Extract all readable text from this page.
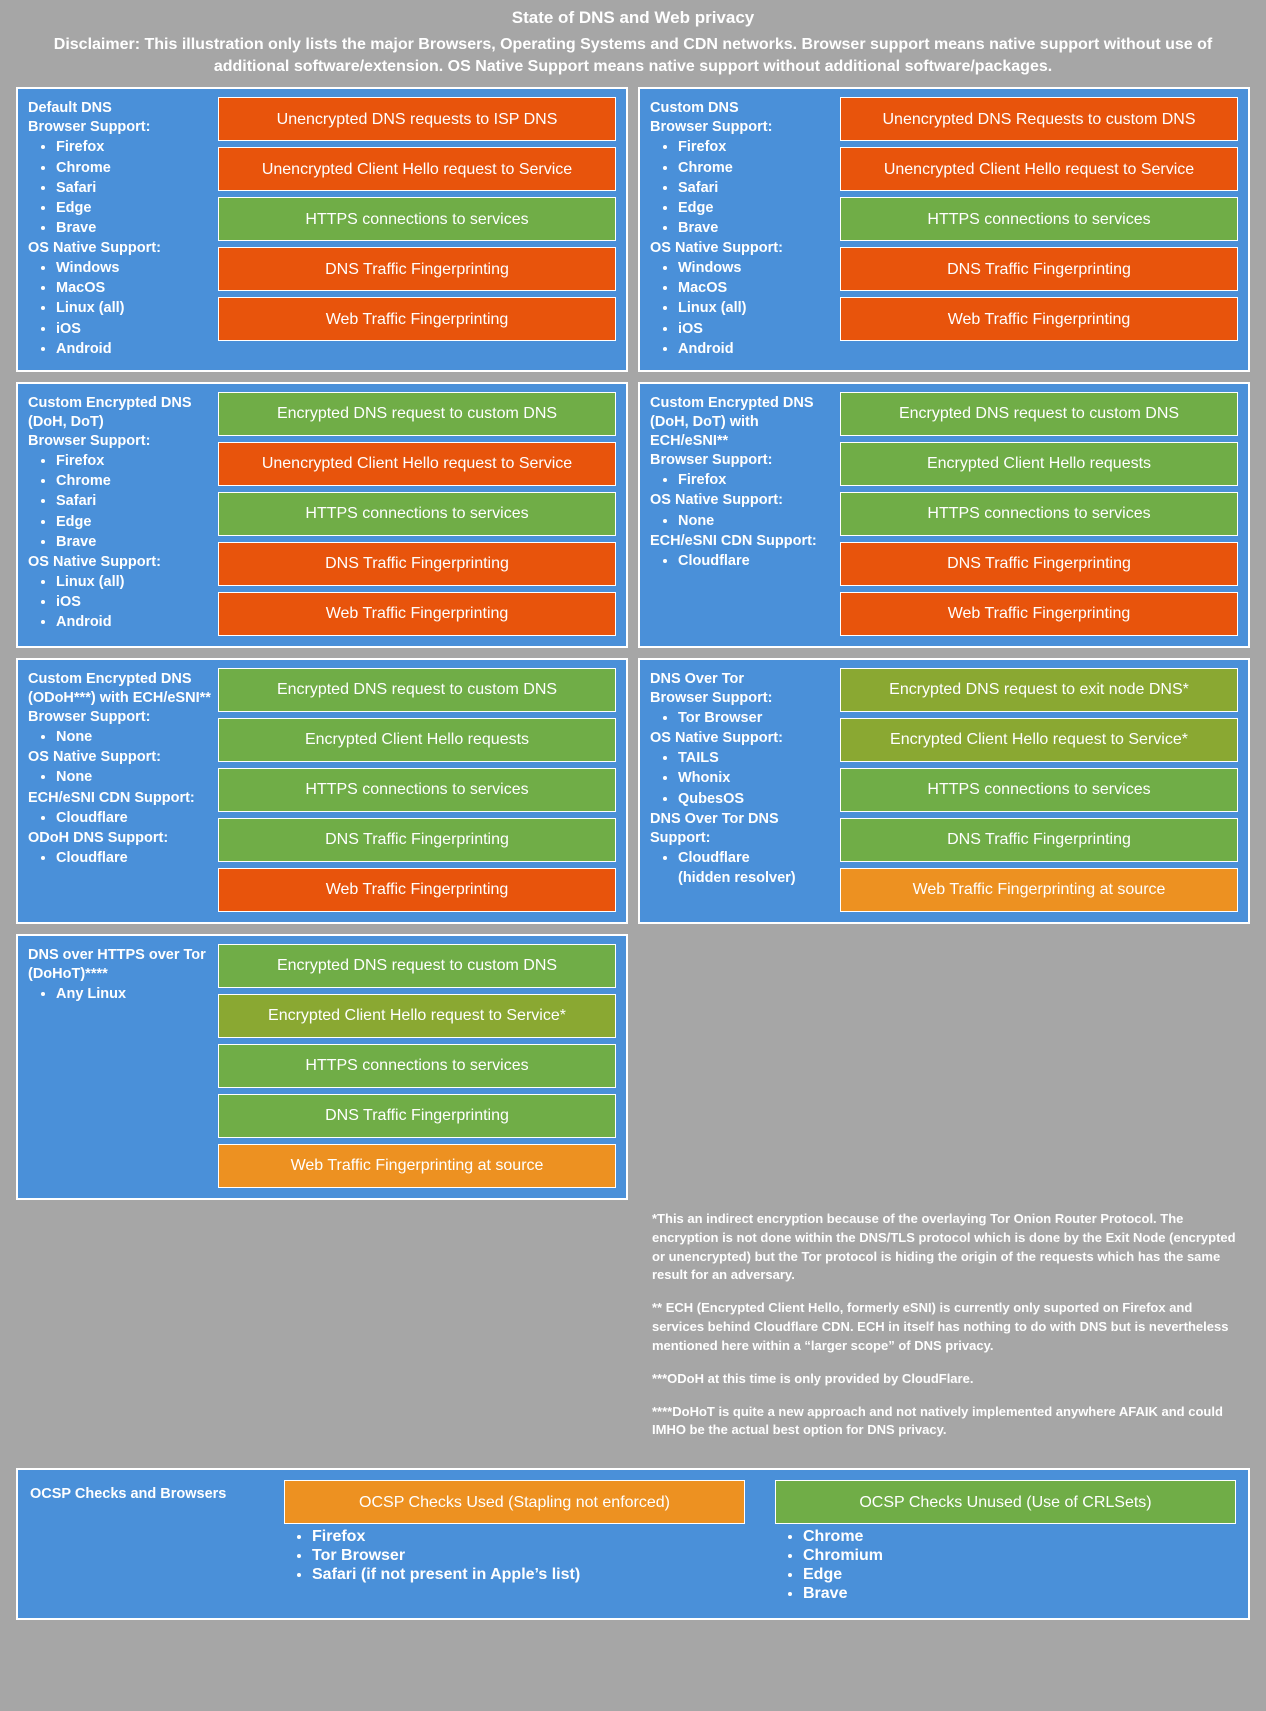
State of DNS and Web privacy
Disclaimer: This illustration only lists the major Browsers, Operating Systems and CDN networks. Browser support means native support without use of additional software/extension. OS Native Support means native support without additional software/packages.
Default DNS
Browser Support:
• Firefox
• Chrome
• Safari
• Edge
• Brave
OS Native Support:
• Windows
• MacOS
• Linux (all)
• iOS
• Android
Unencrypted DNS requests to ISP DNS
Unencrypted Client Hello request to Service
HTTPS connections to services
DNS Traffic Fingerprinting
Web Traffic Fingerprinting
Custom DNS
Browser Support:
• Firefox
• Chrome
• Safari
• Edge
• Brave
OS Native Support:
• Windows
• MacOS
• Linux (all)
• iOS
• Android
Unencrypted DNS Requests to custom DNS
Unencrypted Client Hello request to Service
HTTPS connections to services
DNS Traffic Fingerprinting
Web Traffic Fingerprinting
Custom Encrypted DNS (DoH, DoT)
Browser Support:
• Firefox
• Chrome
• Safari
• Edge
• Brave
OS Native Support:
• Linux (all)
• iOS
• Android
Encrypted DNS request to custom DNS
Unencrypted Client Hello request to Service
HTTPS connections to services
DNS Traffic Fingerprinting
Web Traffic Fingerprinting
Custom Encrypted DNS (DoH, DoT) with ECH/eSNI**
Browser Support:
• Firefox
OS Native Support:
• None
ECH/eSNI CDN Support:
• Cloudflare
Encrypted DNS request to custom DNS
Encrypted Client Hello requests
HTTPS connections to services
DNS Traffic Fingerprinting
Web Traffic Fingerprinting
Custom Encrypted DNS (ODoH***) with ECH/eSNI**
Browser Support:
• None
OS Native Support:
• None
ECH/eSNI CDN Support:
• Cloudflare
ODoH DNS Support:
• Cloudflare
Encrypted DNS request to custom DNS
Encrypted Client Hello requests
HTTPS connections to services
DNS Traffic Fingerprinting
Web Traffic Fingerprinting
DNS Over Tor
Browser Support:
• Tor Browser
OS Native Support:
• TAILS
• Whonix
• QubesOS
DNS Over Tor DNS Support:
• Cloudflare
(hidden resolver)
Encrypted DNS request to exit node DNS*
Encrypted Client Hello request to Service*
HTTPS connections to services
DNS Traffic Fingerprinting
Web Traffic Fingerprinting at source
DNS over HTTPS over Tor (DoHoT)****
• Any Linux
Encrypted DNS request to custom DNS
Encrypted Client Hello request to Service*
HTTPS connections to services
DNS Traffic Fingerprinting
Web Traffic Fingerprinting at source

*This an indirect encryption because of the overlaying Tor Onion Router Protocol. The encryption is not done within the DNS/TLS protocol which is done by the Exit Node (encrypted or unencrypted) but the Tor protocol is hiding the origin of the requests which has the same result for an adversary.

** ECH (Encrypted Client Hello, formerly eSNI) is currently only suported on Firefox and services behind Cloudflare CDN. ECH in itself has nothing to do with DNS but is nevertheless mentioned here within a “larger scope” of DNS privacy.

***ODoH at this time is only provided by CloudFlare.

****DoHoT is quite a new approach and not natively implemented anywhere AFAIK and could IMHO be the actual best option for DNS privacy.

OCSP Checks and Browsers	OCSP Checks Used (Stapling not enforced)
• Firefox
• Tor Browser
• Safari (if not present in Apple’s list)
OCSP Checks Unused (Use of CRLSets)
• Chrome
• Chromium
• Edge
• Brave
